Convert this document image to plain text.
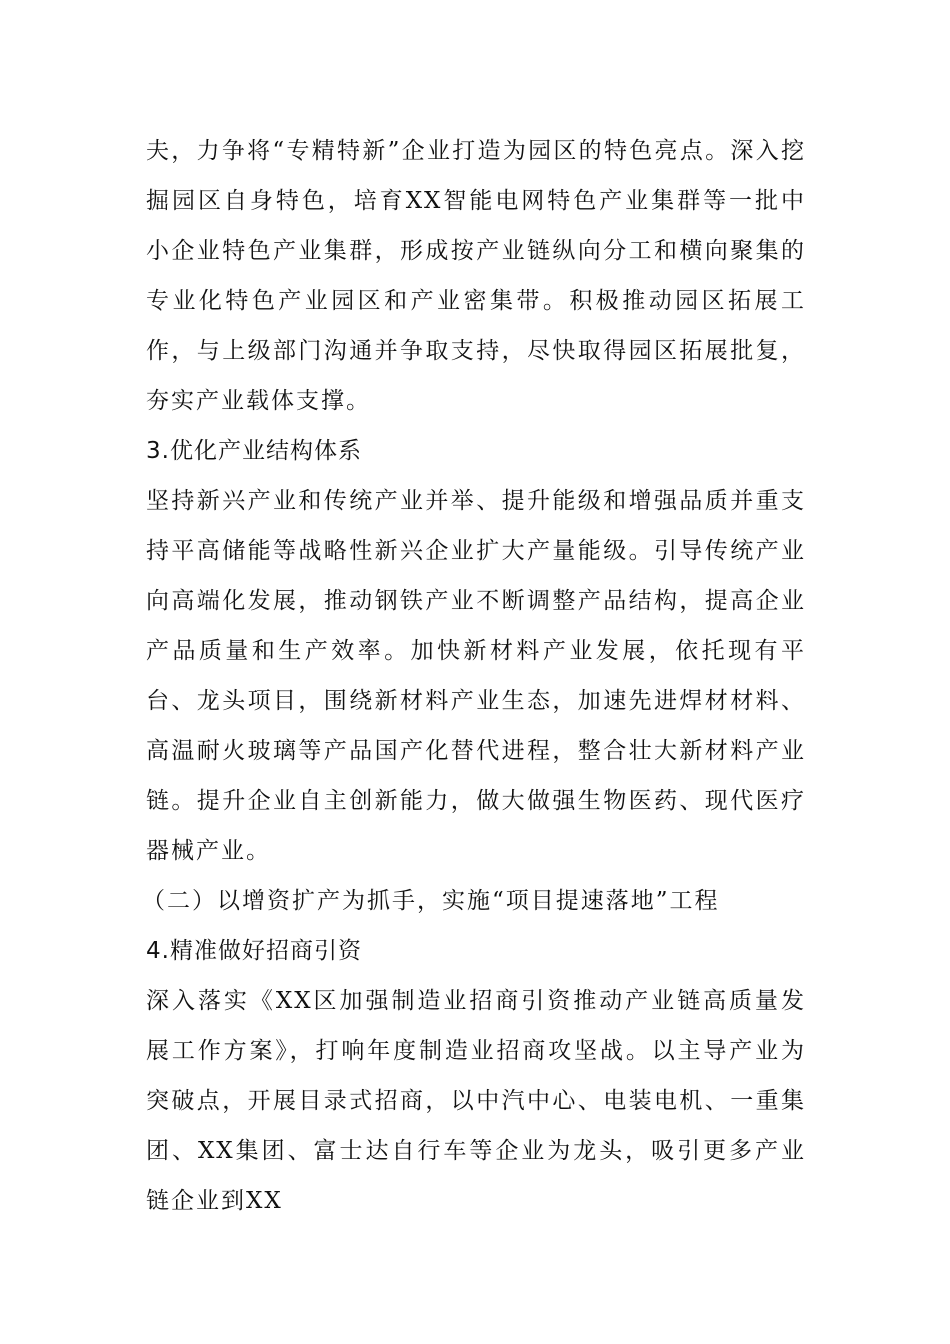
夫，力争将“专精特新”企业打造为园区的特色亮点。深入挖掘园区自身特色，培育XX智能电网特色产业集群等一批中小企业特色产业集群，形成按产业链纵向分工和横向聚集的专业化特色产业园区和产业密集带。积极推动园区拓展工作，与上级部门沟通并争取支持，尽快取得园区拓展批复，夯实产业载体支撑。

3.优化产业结构体系

坚持新兴产业和传统产业并举、提升能级和增强品质并重支持平高储能等战略性新兴企业扩大产量能级。引导传统产业向高端化发展，推动钢铁产业不断调整产品结构，提高企业产品质量和生产效率。加快新材料产业发展，依托现有平台、龙头项目，围绕新材料产业生态，加速先进焊材材料、高温耐火玻璃等产品国产化替代进程，整合壮大新材料产业链。提升企业自主创新能力，做大做强生物医药、现代医疗器械产业。

（二）以增资扩产为抓手，实施“项目提速落地”工程

4.精准做好招商引资

深入落实《XX区加强制造业招商引资推动产业链高质量发展工作方案》，打响年度制造业招商攻坚战。以主导产业为突破点，开展目录式招商，以中汽中心、电装电机、一重集团、XX集团、富士达自行车等企业为龙头，吸引更多产业链企业到XX
